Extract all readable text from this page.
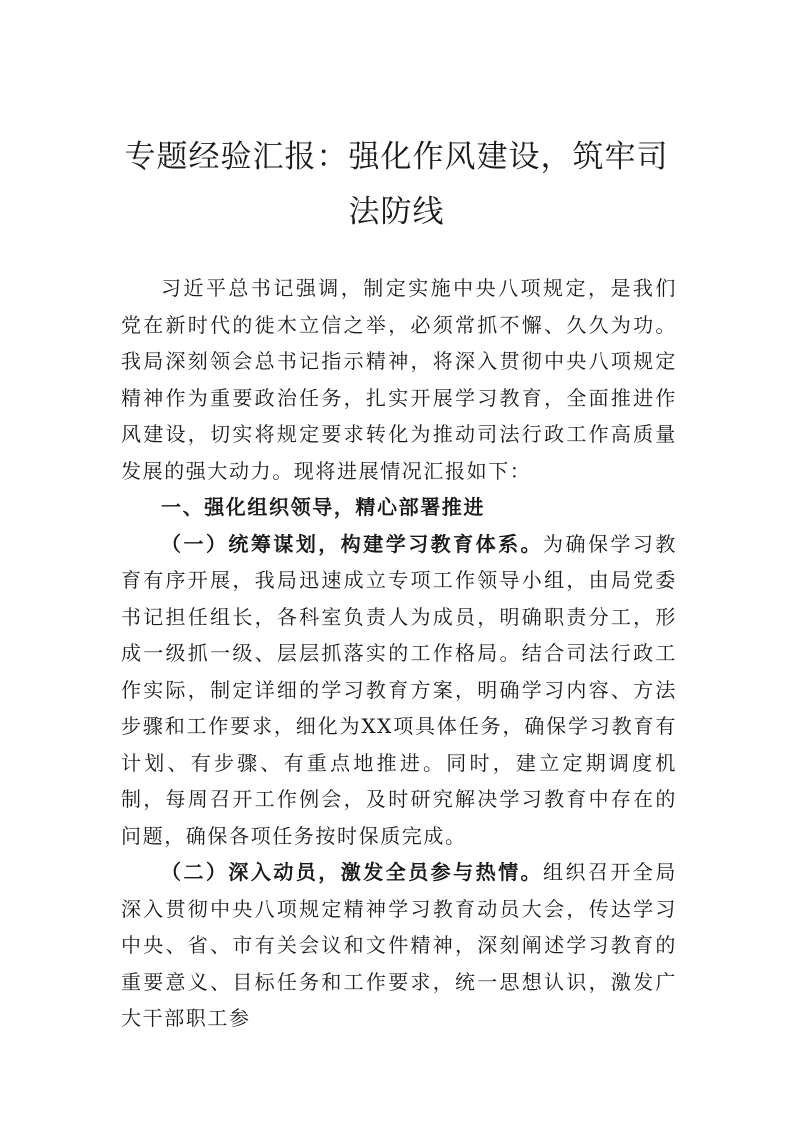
专题经验汇报：强化作风建设，筑牢司法防线

习近平总书记强调，制定实施中央八项规定，是我们党在新时代的徙木立信之举，必须常抓不懈、久久为功。我局深刻领会总书记指示精神，将深入贯彻中央八项规定精神作为重要政治任务，扎实开展学习教育，全面推进作风建设，切实将规定要求转化为推动司法行政工作高质量发展的强大动力。现将进展情况汇报如下：

一、强化组织领导，精心部署推进

（一）统筹谋划，构建学习教育体系。为确保学习教育有序开展，我局迅速成立专项工作领导小组，由局党委书记担任组长，各科室负责人为成员，明确职责分工，形成一级抓一级、层层抓落实的工作格局。结合司法行政工作实际，制定详细的学习教育方案，明确学习内容、方法步骤和工作要求，细化为XX项具体任务，确保学习教育有计划、有步骤、有重点地推进。同时，建立定期调度机制，每周召开工作例会，及时研究解决学习教育中存在的问题，确保各项任务按时保质完成。

（二）深入动员，激发全员参与热情。组织召开全局深入贯彻中央八项规定精神学习教育动员大会，传达学习中央、省、市有关会议和文件精神，深刻阐述学习教育的重要意义、目标任务和工作要求，统一思想认识，激发广大干部职工参
